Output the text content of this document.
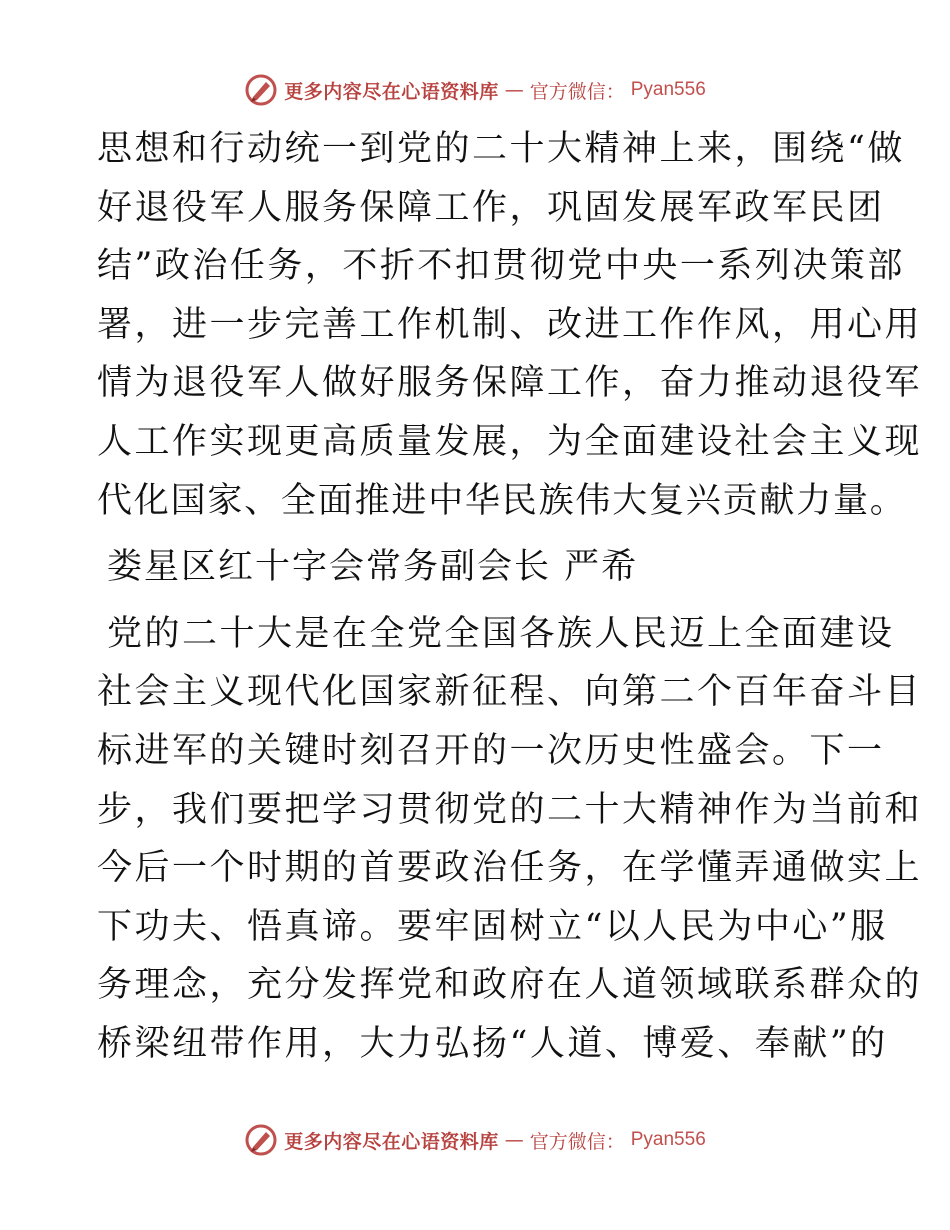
更多内容尽在心语资料库 — 官方微信： Pyan556
思想和行动统一到党的二十大精神上来，围绕“做
好退役军人服务保障工作，巩固发展军政军民团
结”政治任务，不折不扣贯彻党中央一系列决策部
署，进一步完善工作机制、改进工作作风，用心用
情为退役军人做好服务保障工作，奋力推动退役军
人工作实现更高质量发展，为全面建设社会主义现
代化国家、全面推进中华民族伟大复兴贡献力量。
娄星区红十字会常务副会长 严希
党的二十大是在全党全国各族人民迈上全面建设
社会主义现代化国家新征程、向第二个百年奋斗目
标进军的关键时刻召开的一次历史性盛会。下一
步，我们要把学习贯彻党的二十大精神作为当前和
今后一个时期的首要政治任务，在学懂弄通做实上
下功夫、悟真谛。要牢固树立“以人民为中心”服
务理念，充分发挥党和政府在人道领域联系群众的
桥梁纽带作用，大力弘扬“人道、博爱、奉献”的
更多内容尽在心语资料库 — 官方微信： Pyan556
